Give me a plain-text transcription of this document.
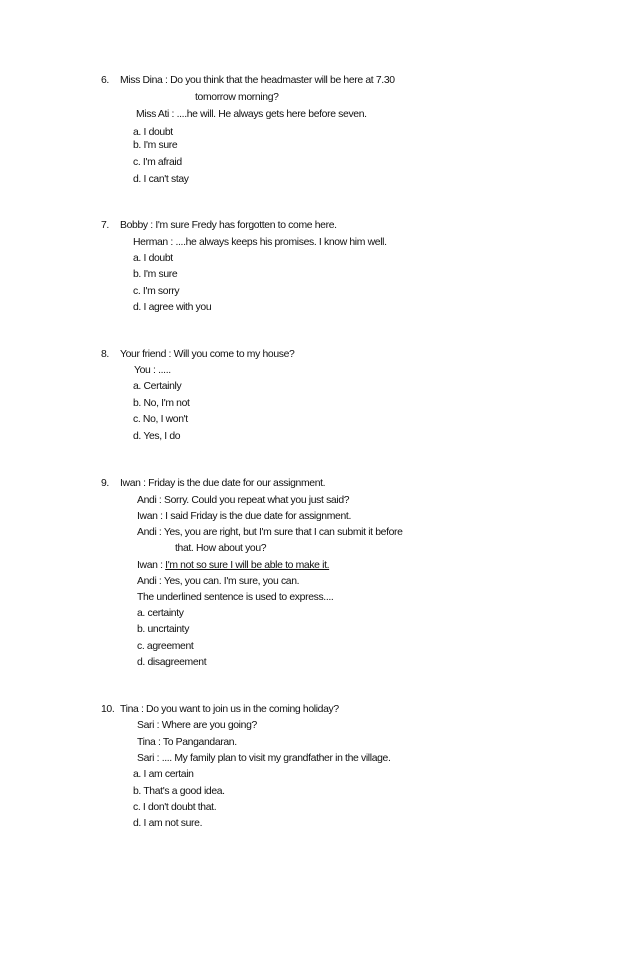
6. Miss Dina : Do you think that the headmaster will be here at 7.30
tomorrow morning?
Miss Ati : ....he will. He always gets here before seven.
a. I doubt
b. I'm sure
c. I'm afraid
d. I can't stay
7. Bobby : I'm sure Fredy has forgotten to come here.
Herman : ....he always keeps his promises. I know him well.
a. I doubt
b. I'm sure
c. I'm sorry
d. I agree with you
8. Your friend : Will you come to my house?
You : .....
a. Certainly
b. No, I'm not
c. No, I won't
d. Yes, I do
9. Iwan : Friday is the due date for our assignment.
Andi : Sorry. Could you repeat what you just said?
Iwan : I said Friday is the due date for assignment.
Andi : Yes, you are right, but I'm sure that I can submit it before
that. How about you?
Iwan : I'm not so sure I will be able to make it.
Andi : Yes, you can. I'm sure, you can.
The underlined sentence is used to express....
a. certainty
b. uncrtainty
c. agreement
d. disagreement
10. Tina : Do you want to join us in the coming holiday?
Sari : Where are you going?
Tina : To Pangandaran.
Sari : .... My family plan to visit my grandfather in the village.
a. I am certain
b. That's a good idea.
c. I don't doubt that.
d. I am not sure.
